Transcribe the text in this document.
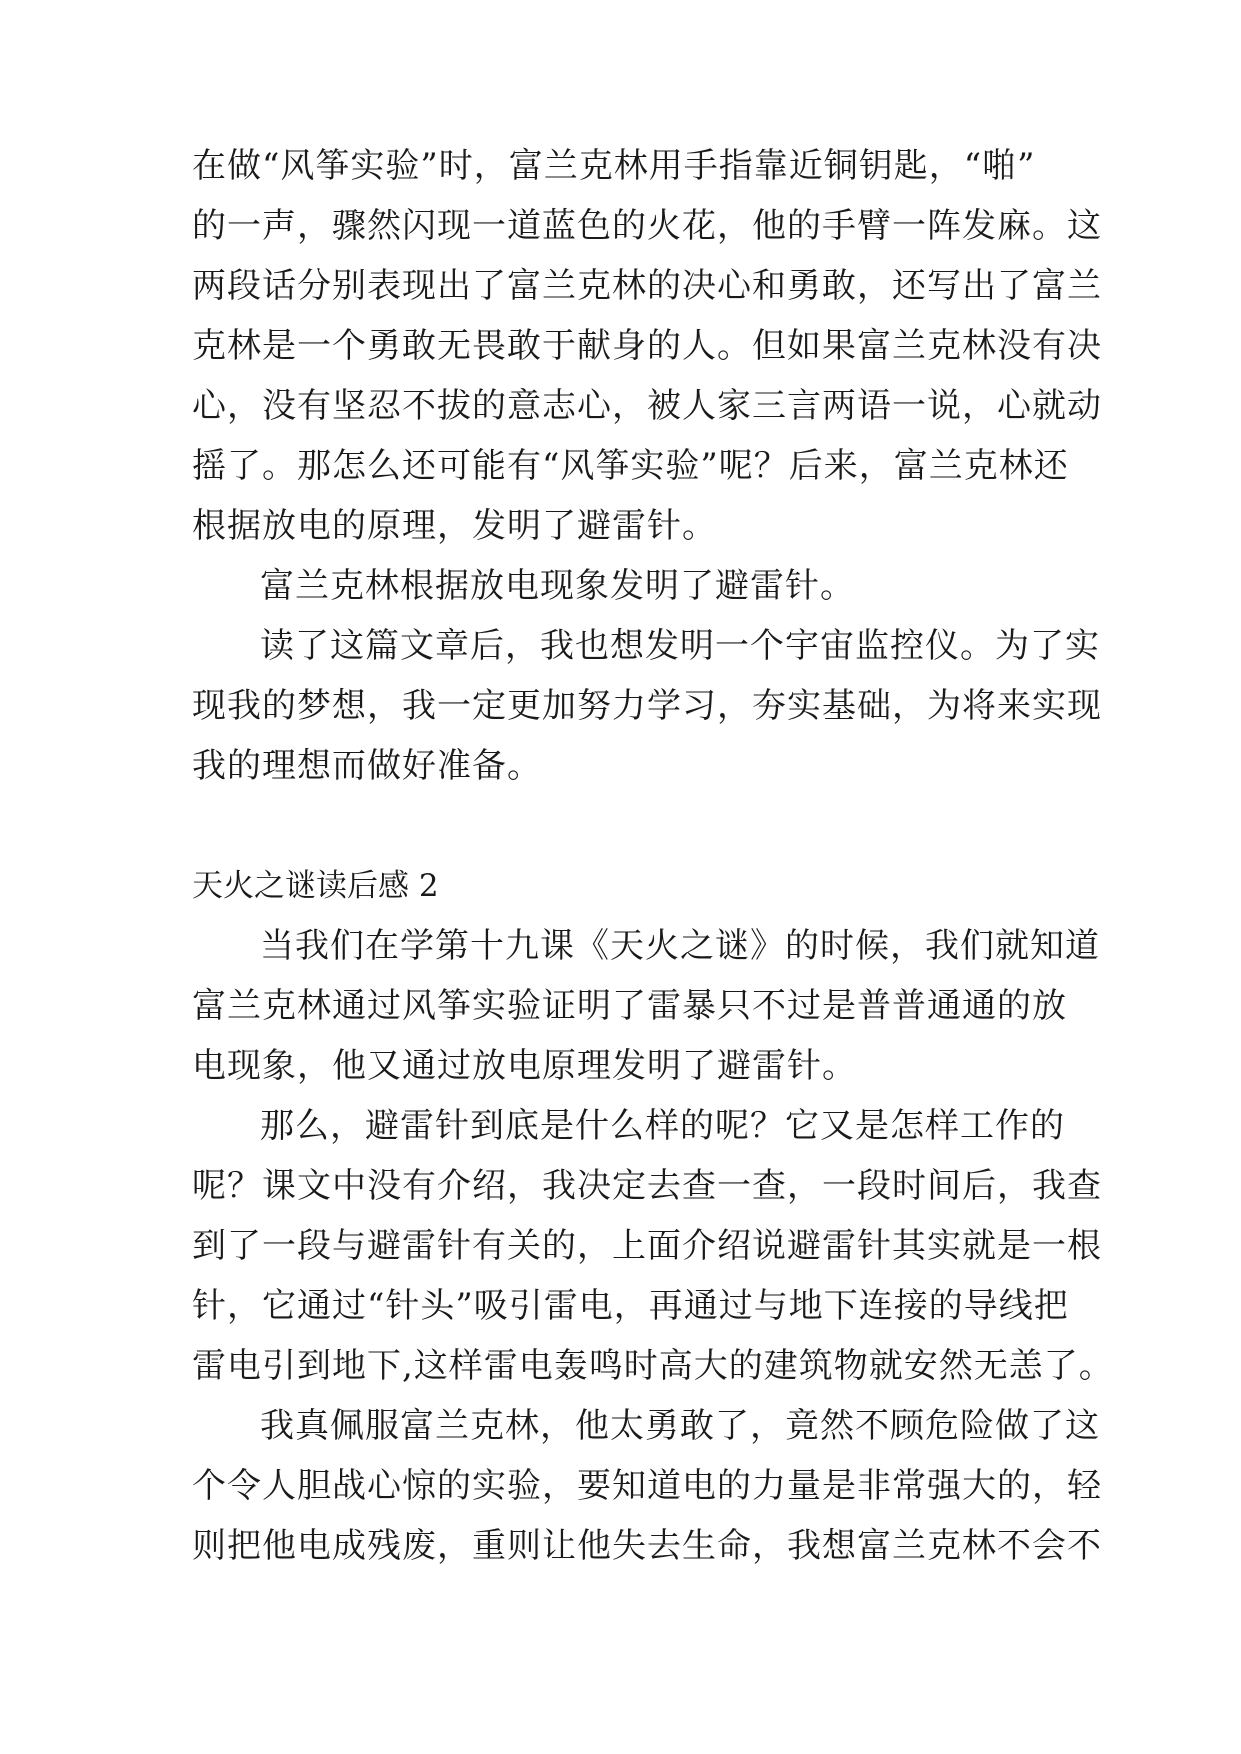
在做“风筝实验”时，富兰克林用手指靠近铜钥匙，“啪”
的一声，骤然闪现一道蓝色的火花，他的手臂一阵发麻。这
两段话分别表现出了富兰克林的决心和勇敢，还写出了富兰
克林是一个勇敢无畏敢于献身的人。但如果富兰克林没有决
心，没有坚忍不拔的意志心，被人家三言两语一说，心就动
摇了。那怎么还可能有“风筝实验”呢？后来，富兰克林还
根据放电的原理，发明了避雷针。
富兰克林根据放电现象发明了避雷针。
读了这篇文章后，我也想发明一个宇宙监控仪。为了实
现我的梦想，我一定更加努力学习，夯实基础，为将来实现
我的理想而做好准备。
天火之谜读后感 2
当我们在学第十九课《天火之谜》的时候，我们就知道
富兰克林通过风筝实验证明了雷暴只不过是普普通通的放
电现象，他又通过放电原理发明了避雷针。
那么，避雷针到底是什么样的呢？它又是怎样工作的
呢？课文中没有介绍，我决定去查一查，一段时间后，我查
到了一段与避雷针有关的，上面介绍说避雷针其实就是一根
针，它通过“针头”吸引雷电，再通过与地下连接的导线把
雷电引到地下,这样雷电轰鸣时高大的建筑物就安然无恙了。
我真佩服富兰克林，他太勇敢了，竟然不顾危险做了这
个令人胆战心惊的实验，要知道电的力量是非常强大的，轻
则把他电成残废，重则让他失去生命，我想富兰克林不会不
